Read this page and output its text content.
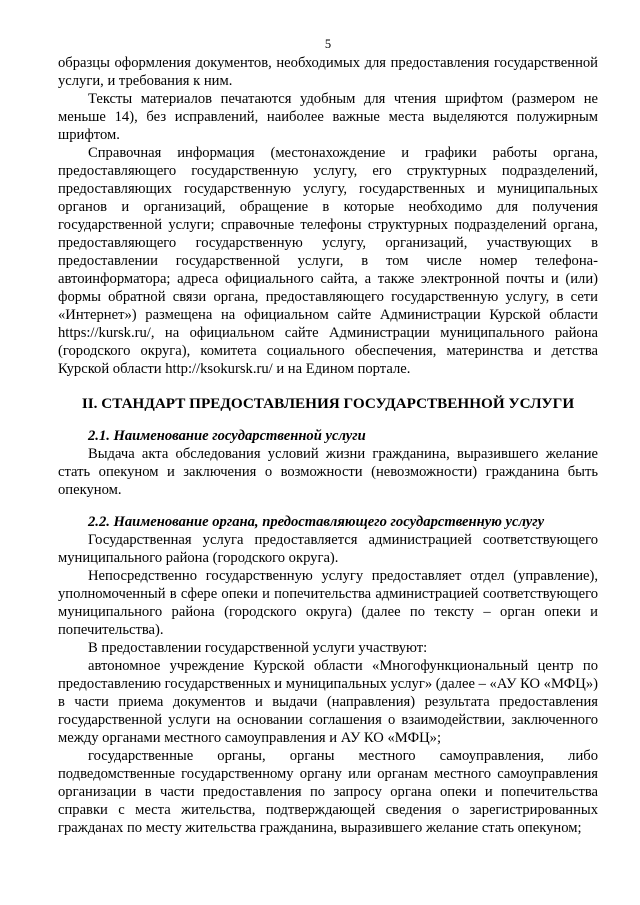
5

образцы оформления документов, необходимых для предоставления государственной услуги, и требования к ним.

Тексты материалов печатаются удобным для чтения шрифтом (размером не меньше 14), без исправлений, наиболее важные места выделяются полужирным шрифтом.

Справочная информация (местонахождение и графики работы органа, предоставляющего государственную услугу, его структурных подразделений, предоставляющих государственную услугу, государственных и муниципальных органов и организаций, обращение в которые необходимо для получения государственной услуги; справочные телефоны структурных подразделений органа, предоставляющего государственную услугу, организаций, участвующих в предоставлении государственной услуги, в том числе номер телефона-автоинформатора; адреса официального сайта, а также электронной почты и (или) формы обратной связи органа, предоставляющего государственную услугу, в сети «Интернет») размещена на официальном сайте Администрации Курской области https://kursk.ru/, на официальном сайте Администрации муниципального района (городского округа), комитета социального обеспечения, материнства и детства Курской области http://ksokursk.ru/ и на Едином портале.

II. СТАНДАРТ ПРЕДОСТАВЛЕНИЯ ГОСУДАРСТВЕННОЙ УСЛУГИ
2.1. Наименование государственной услуги

Выдача акта обследования условий жизни гражданина, выразившего желание стать опекуном и заключения о возможности (невозможности) гражданина быть опекуном.

2.2. Наименование органа, предоставляющего государственную услугу

Государственная услуга предоставляется администрацией соответствующего муниципального района (городского округа).

Непосредственно государственную услугу предоставляет отдел (управление), уполномоченный в сфере опеки и попечительства администрацией соответствующего муниципального района (городского округа) (далее по тексту – орган опеки и попечительства).

В предоставлении государственной услуги участвуют:

автономное учреждение Курской области «Многофункциональный центр по предоставлению государственных и муниципальных услуг» (далее – «АУ КО «МФЦ») в части приема документов и выдачи (направления) результата предоставления государственной услуги на основании соглашения о взаимодействии, заключенного между органами местного самоуправления и АУ КО «МФЦ»;

государственные органы, органы местного самоуправления, либо подведомственные государственному органу или органам местного самоуправления организации в части предоставления по запросу органа опеки и попечительства справки с места жительства, подтверждающей сведения о зарегистрированных гражданах по месту жительства гражданина, выразившего желание стать опекуном;
